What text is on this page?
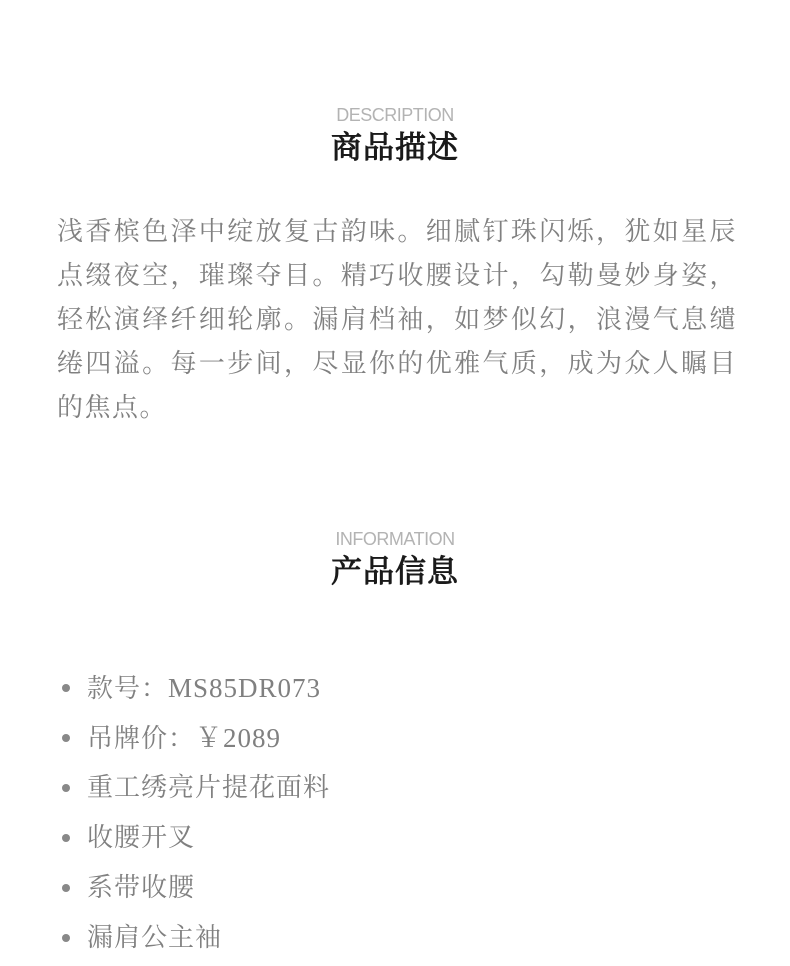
DESCRIPTION
商品描述

浅香槟色泽中绽放复古韵味。细腻钉珠闪烁，犹如星辰点缀夜空，璀璨夺目。精巧收腰设计，勾勒曼妙身姿，轻松演绎纤细轮廓。漏肩档袖，如梦似幻，浪漫气息缱绻四溢。每一步间，尽显你的优雅气质，成为众人瞩目的焦点。

INFORMATION
产品信息
款号：MS85DR073
吊牌价：￥2089
重工绣亮片提花面料
收腰开叉
系带收腰
漏肩公主袖
